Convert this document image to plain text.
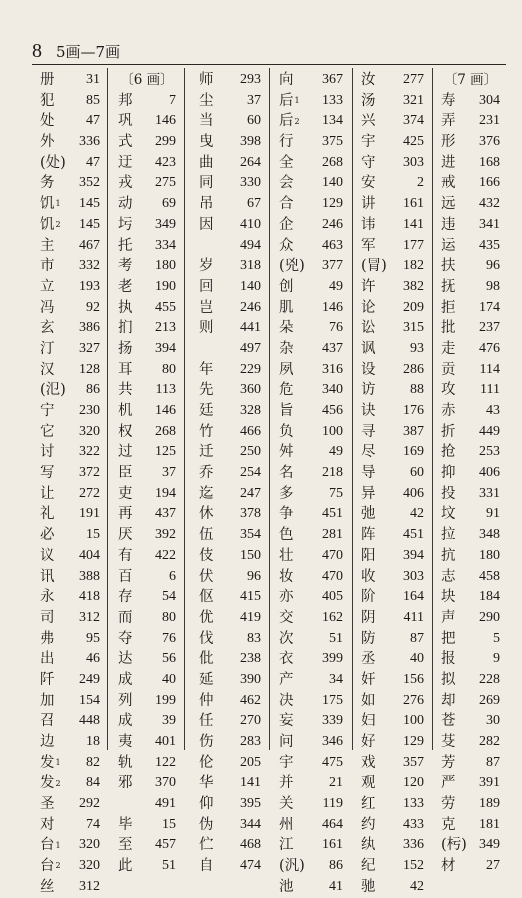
8 5画—7画
册 31
犯 85
处 47
外 336
(处) 47
务 352
饥 1 145
饥 2 145
主 467
市 332
立 193
冯 92
玄 386
汀 327
汉 128
(氾) 86
宁 230
它 320
讨 322
写 372
让 272
礼 191
必 15
议 404
讯 388
永 418
司 312
弗 95
出 46
阡 249
加 154
召 448
边 18
发 1 82
发 2 84
圣 292
对 74
台 1 320
台 2 320
丝 312
〔6 画〕
邦	7
巩 146
式 299
迂 423
戎 275
动 69
圬 349
托 334
考 180
老 190
执 455
扪 213
扬 394
耳 80
共 113
机 146
权 268
过 125
臣 37
吏 194
再 437
厌 392
有 422
百	6
存 54
而 80
夺 76
达 56
成 40
列 199
成 39
夷 401
轨 122
邪 370
491
毕 15
至 457
此 51
师 293
尘 37
当 60
曳 398
曲 264
同 330
吊 67
因 410
494
岁 318
回 140
岂 246
则 441
497
年 229
先 360
廷 328
竹 466
迁 250
乔 254
迄 247
休 378
伍 354
伎 150
伏 96
伛 415
优 419
伐 83
仳 238
延 390
仲 462
任 270
伤 283
伦 205
华 141
仰 395
伪 344
伫 468
自 474
向 367
后 1 133
后 2 134
行 375
全 268
会 140
合 129
企 246
众 463
(兇) 377
创	49
肌 146
朵	76
杂 437
夙 316
危 340
旨 456
负 100
舛	49
名 218
多	75
争 451
色 281
壮 470
妆 470
亦 405
交 162
次	51
衣 399
产	34
决 175
妄 339
问 346
宇 475
并	21
关 119
州 464
江 161
(汎) 86
池	41
汝 277
汤 321
兴 374
宇 425
守 303
安	2
讲 161
讳 141
军 177
(冐) 182
许 382
论 209
讼 315
讽 93
设 286
访 88
诀 176
寻 387
尽 169
导 60
异 406
弛 42
阵 451
阳 394
收 303
阶 164
阴 411
防 87
丞 40
奸 156
如 276
妇 100
好 129
戏 357
观 120
红 133
约 433
纨 336
纪 152
驰 42
〔7 画〕
寿 304
弄 231
形 376
进 168
戒 166
远 432
违 341
运 435
扶 96
抚 98
拒 174
批 237
走 476
贡 114
攻 111
赤 43
折 449
抢 253
抑 406
投 331
坟 91
拉 348
抗 180
志 458
块 184
声 290
把	5
报	9
拟 228
却 269
苍 30
芟 282
芳 87
严 391
劳 189
克 181
(杇) 349
材 27
